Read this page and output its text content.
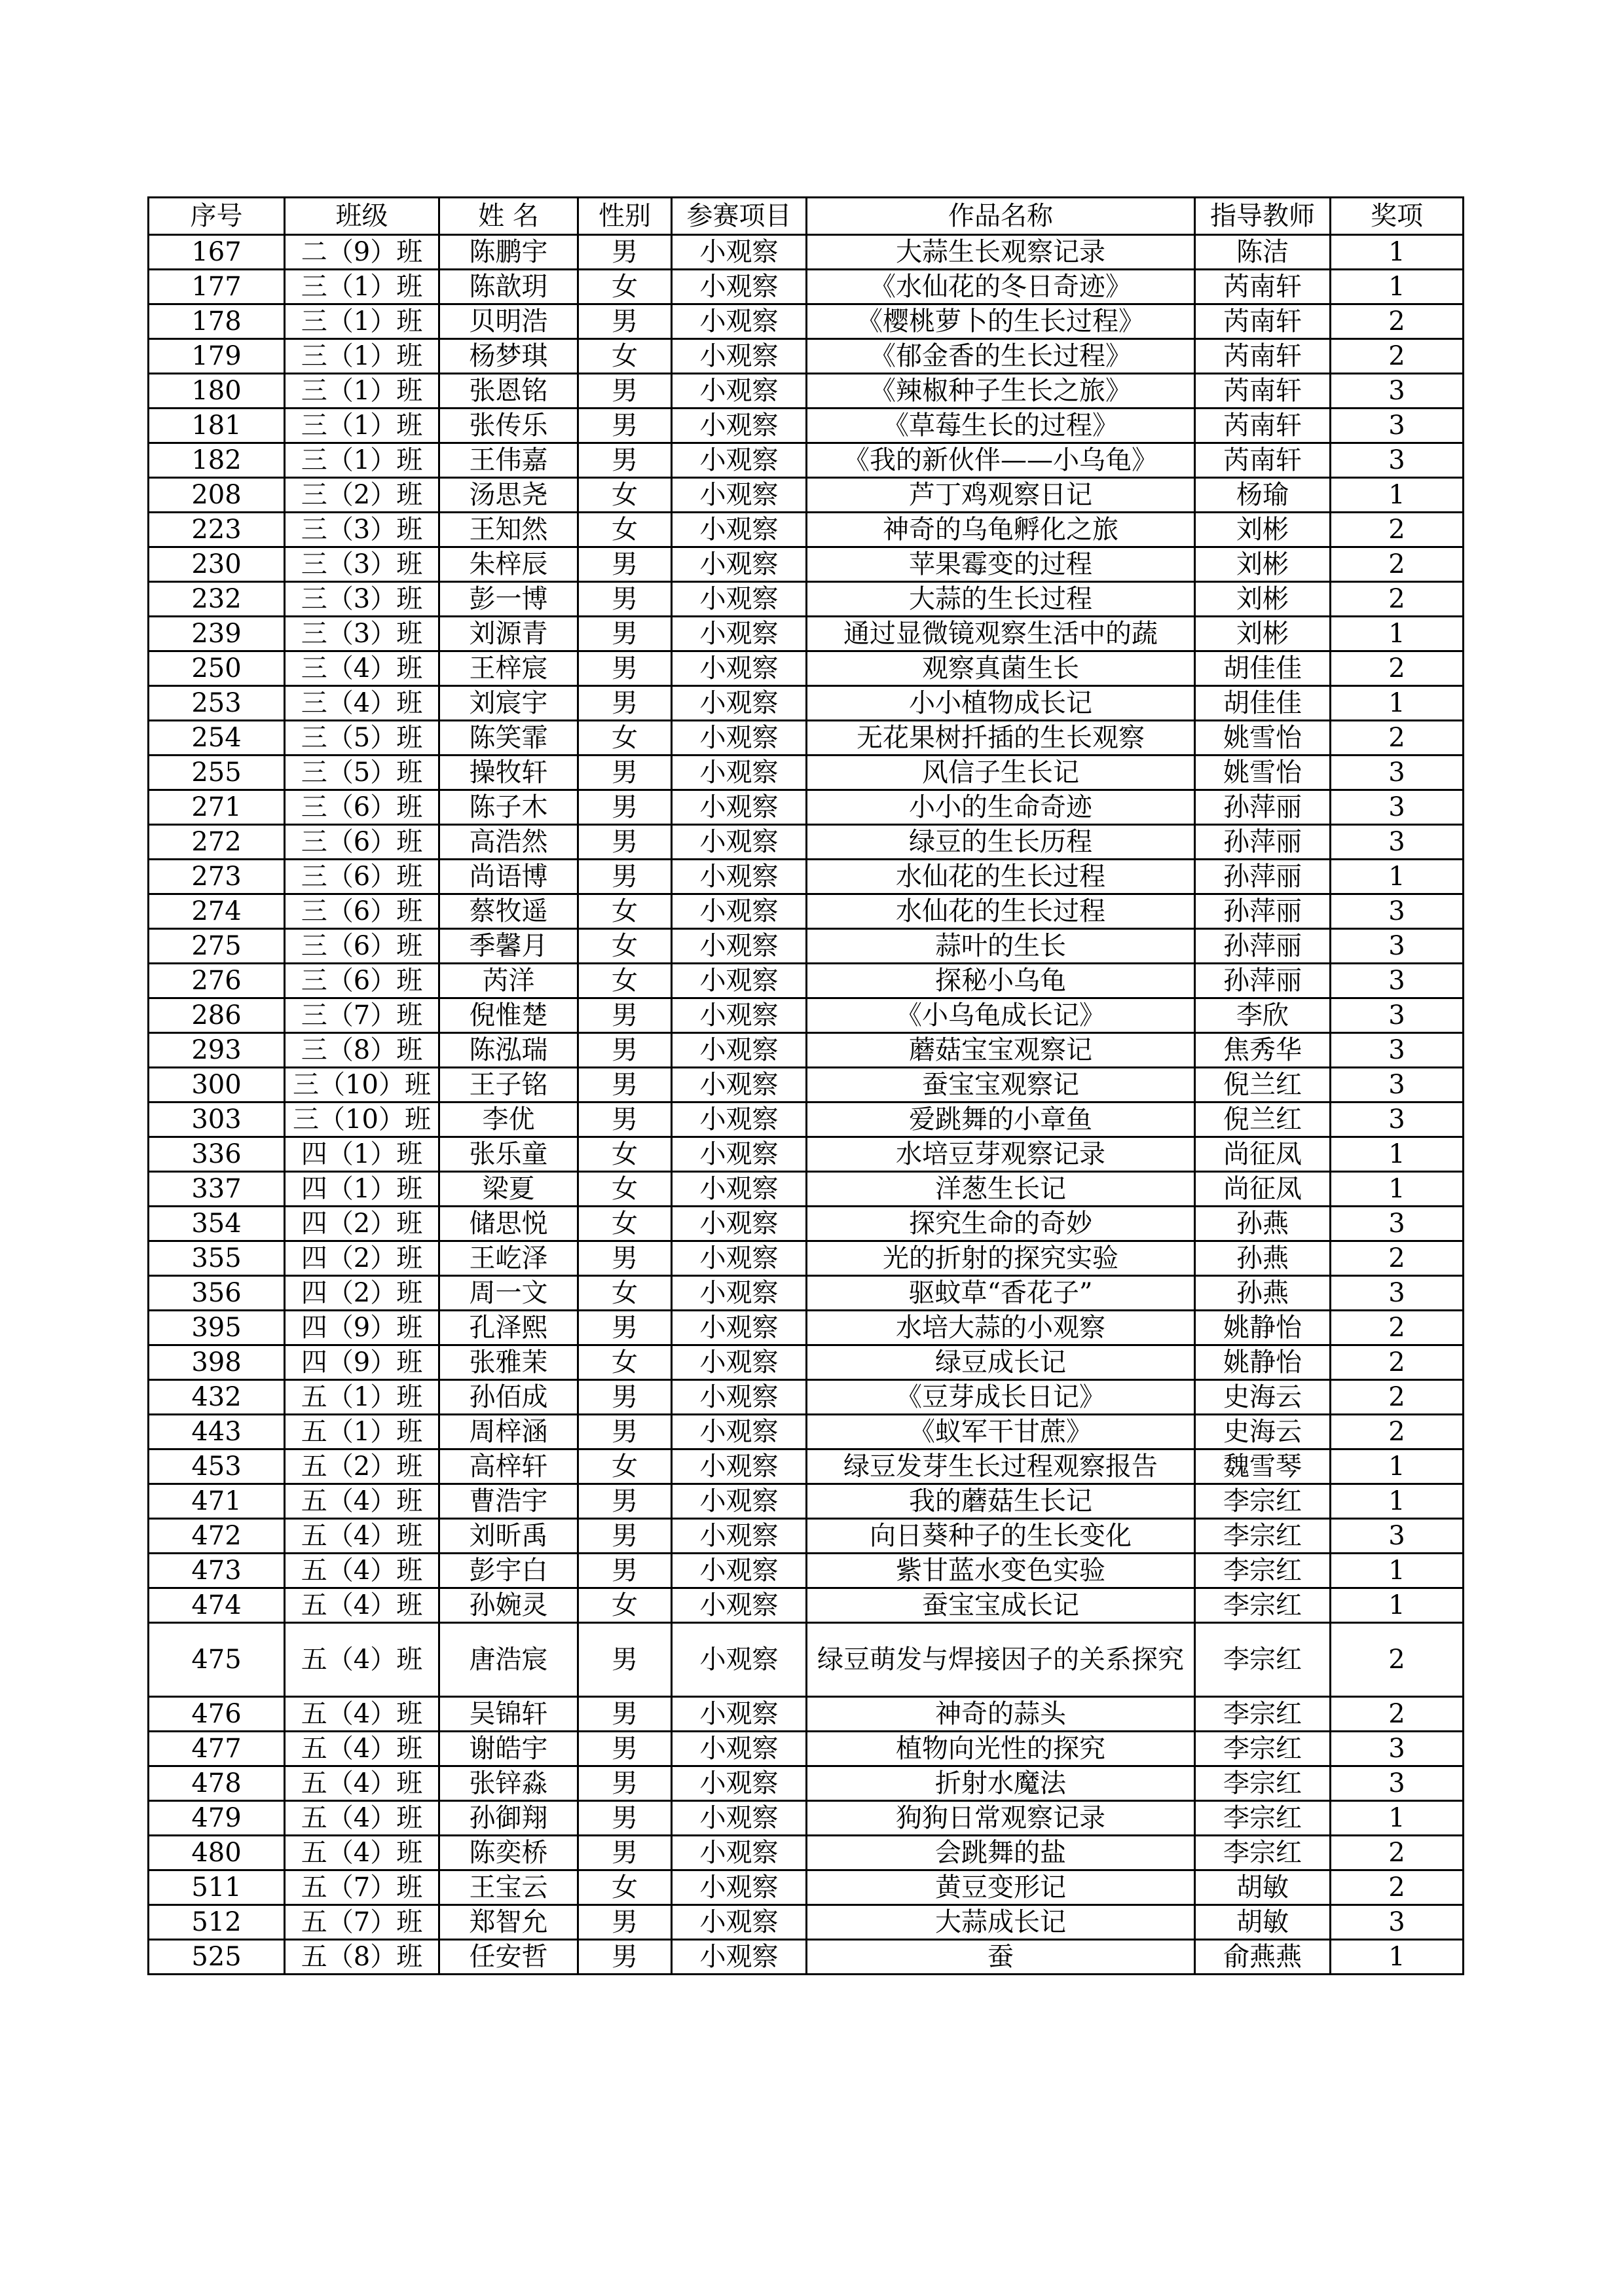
序号	班级	姓 名	性别	参赛项目	作品名称	指导教师	奖项
167	二（9）班	陈鹏宇	男	小观察	大蒜生长观察记录	陈洁	1
177	三（1）班	陈歆玥	女	小观察	《水仙花的冬日奇迹》	芮南轩	1
178	三（1）班	贝明浩	男	小观察	《樱桃萝卜的生长过程》	芮南轩	2
179	三（1）班	杨梦琪	女	小观察	《郁金香的生长过程》	芮南轩	2
180	三（1）班	张恩铭	男	小观察	《辣椒种子生长之旅》	芮南轩	3
181	三（1）班	张传乐	男	小观察	《草莓生长的过程》	芮南轩	3
182	三（1）班	王伟嘉	男	小观察	《我的新伙伴——小乌龟》	芮南轩	3
208	三（2）班	汤思尧	女	小观察	芦丁鸡观察日记	杨瑜	1
223	三（3）班	王知然	女	小观察	神奇的乌龟孵化之旅	刘彬	2
230	三（3）班	朱梓辰	男	小观察	苹果霉变的过程	刘彬	2
232	三（3）班	彭一博	男	小观察	大蒜的生长过程	刘彬	2
239	三（3）班	刘源青	男	小观察	通过显微镜观察生活中的蔬	刘彬	1
250	三（4）班	王梓宸	男	小观察	观察真菌生长	胡佳佳	2
253	三（4）班	刘宸宇	男	小观察	小小植物成长记	胡佳佳	1
254	三（5）班	陈笑霏	女	小观察	无花果树扦插的生长观察	姚雪怡	2
255	三（5）班	操牧轩	男	小观察	风信子生长记	姚雪怡	3
271	三（6）班	陈子木	男	小观察	小小的生命奇迹	孙萍丽	3
272	三（6）班	高浩然	男	小观察	绿豆的生长历程	孙萍丽	3
273	三（6）班	尚语博	男	小观察	水仙花的生长过程	孙萍丽	1
274	三（6）班	蔡牧遥	女	小观察	水仙花的生长过程	孙萍丽	3
275	三（6）班	季馨月	女	小观察	蒜叶的生长	孙萍丽	3
276	三（6）班	芮洋	女	小观察	探秘小乌龟	孙萍丽	3
286	三（7）班	倪惟楚	男	小观察	《小乌龟成长记》	李欣	3
293	三（8）班	陈泓瑞	男	小观察	蘑菇宝宝观察记	焦秀华	3
300	三（10）班	王子铭	男	小观察	蚕宝宝观察记	倪兰红	3
303	三（10）班	李优	男	小观察	爱跳舞的小章鱼	倪兰红	3
336	四（1）班	张乐童	女	小观察	水培豆芽观察记录	尚征凤	1
337	四（1）班	梁夏	女	小观察	洋葱生长记	尚征凤	1
354	四（2）班	储思悦	女	小观察	探究生命的奇妙	孙燕	3
355	四（2）班	王屹泽	男	小观察	光的折射的探究实验	孙燕	2
356	四（2）班	周一文	女	小观察	驱蚊草“香花子”	孙燕	3
395	四（9）班	孔泽熙	男	小观察	水培大蒜的小观察	姚静怡	2
398	四（9）班	张雅茉	女	小观察	绿豆成长记	姚静怡	2
432	五（1）班	孙佰成	男	小观察	《豆芽成长日记》	史海云	2
443	五（1）班	周梓涵	男	小观察	《蚁军干甘蔗》	史海云	2
453	五（2）班	高梓轩	女	小观察	绿豆发芽生长过程观察报告	魏雪琴	1
471	五（4）班	曹浩宇	男	小观察	我的蘑菇生长记	李宗红	1
472	五（4）班	刘昕禹	男	小观察	向日葵种子的生长变化	李宗红	3
473	五（4）班	彭宇白	男	小观察	紫甘蓝水变色实验	李宗红	1
474	五（4）班	孙婉灵	女	小观察	蚕宝宝成长记	李宗红	1
475	五（4）班	唐浩宸	男	小观察	绿豆萌发与焊接因子的关系探究	李宗红	2
476	五（4）班	吴锦轩	男	小观察	神奇的蒜头	李宗红	2
477	五（4）班	谢皓宇	男	小观察	植物向光性的探究	李宗红	3
478	五（4）班	张锌淼	男	小观察	折射水魔法	李宗红	3
479	五（4）班	孙御翔	男	小观察	狗狗日常观察记录	李宗红	1
480	五（4）班	陈奕桥	男	小观察	会跳舞的盐	李宗红	2
511	五（7）班	王宝云	女	小观察	黄豆变形记	胡敏	2
512	五（7）班	郑智允	男	小观察	大蒜成长记	胡敏	3
525	五（8）班	任安哲	男	小观察	蚕	俞燕燕	1
